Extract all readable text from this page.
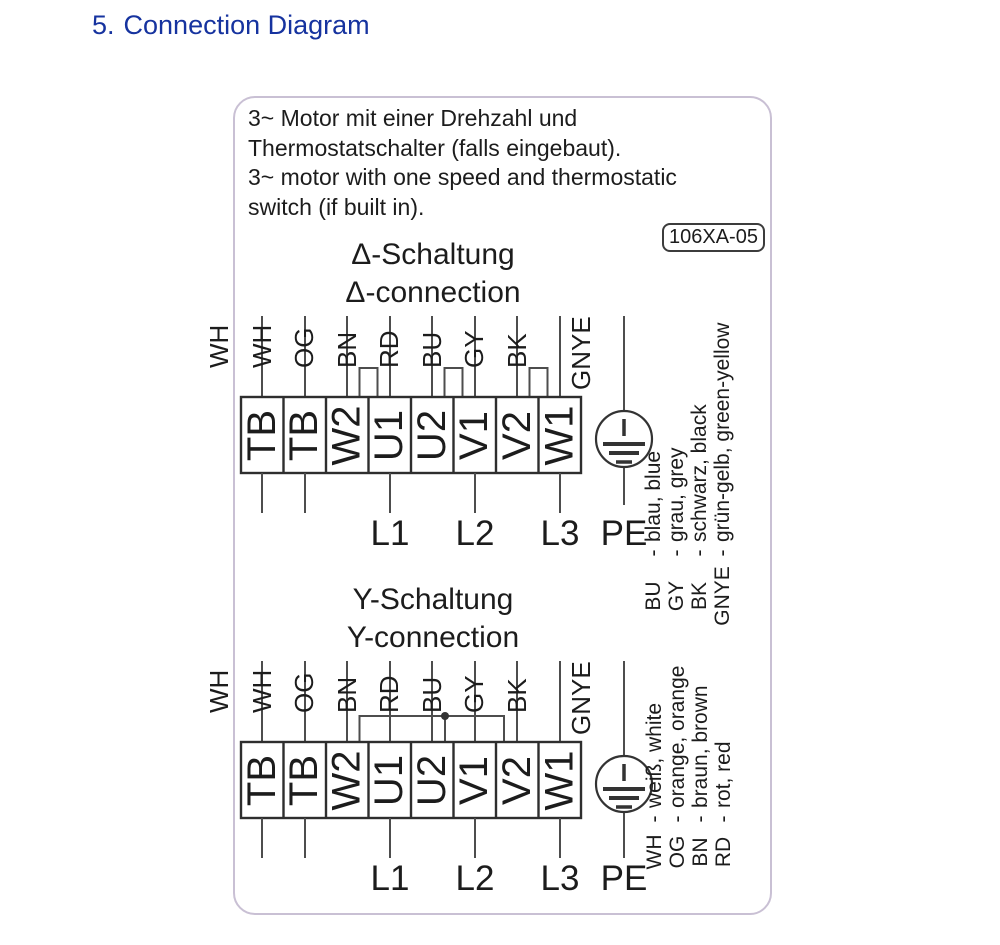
5. Connection Diagram
3~ Motor mit einer Drehzahl und
Thermostatschalter (falls eingebaut).
3~ motor with one speed and thermostatic
switch (if built in).
106XA-05
Δ-Schaltung
Δ-connection
Y-Schaltung
Y-connection
WH WH OG BN RD BU GY BK GNYE
TB
TB
W2
U1
U2
V1
V2
W1
L1	L2	L3 PE
WH WH OG BN RD BU GY BK GNYE
TB
TB
W2
U1
U2
V1
V2
W1
L1	L2	L3 PE
BU-blau, blue
GY-grau, grey
BK-schwarz, black
GNYE-grün-gelb, green-yellow
WH-weiß, white
OG-orange, orange
BN-braun, brown
RD-rot, red
